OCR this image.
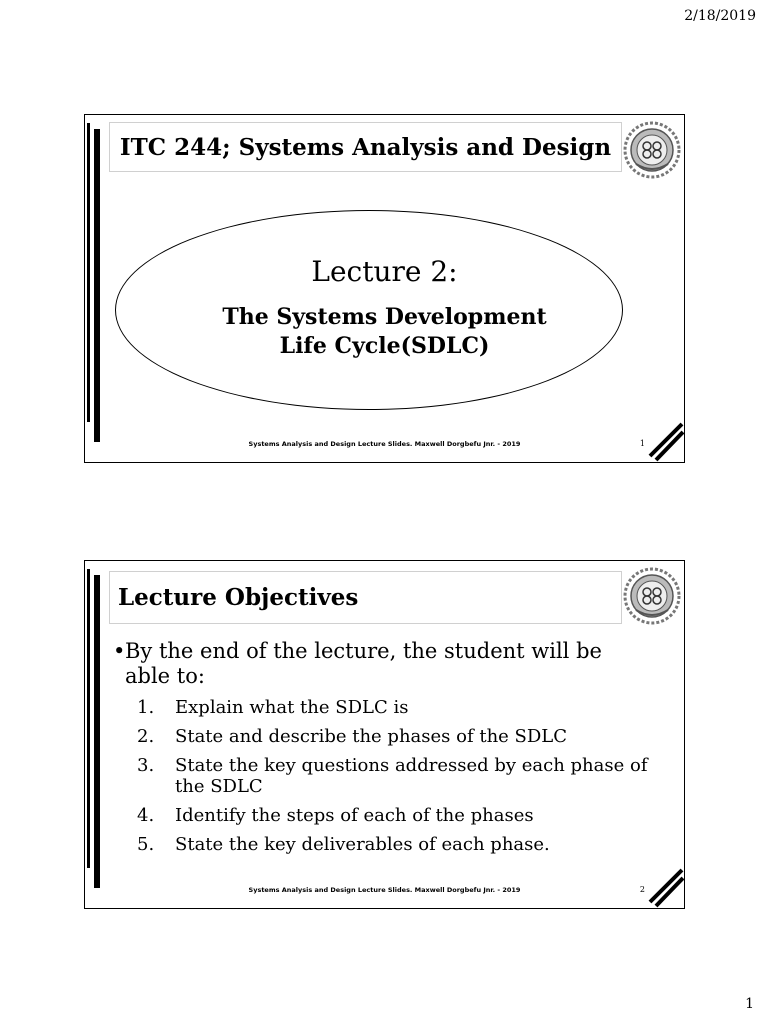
2/18/2019
ITC 244; Systems Analysis and Design
Lecture 2:
The Systems Development
Life Cycle(SDLC)
Systems Analysis and Design Lecture Slides. Maxwell Dorgbefu Jnr. - 2019	1
Lecture Objectives
• By the end of the lecture, the student will be able to:
1. Explain what the SDLC is
2. State and describe the phases of the SDLC
3. State the key questions addressed by each phase of the SDLC
4. Identify the steps of each of the phases
5. State the key deliverables of each phase.
Systems Analysis and Design Lecture Slides. Maxwell Dorgbefu Jnr. - 2019	2
1
